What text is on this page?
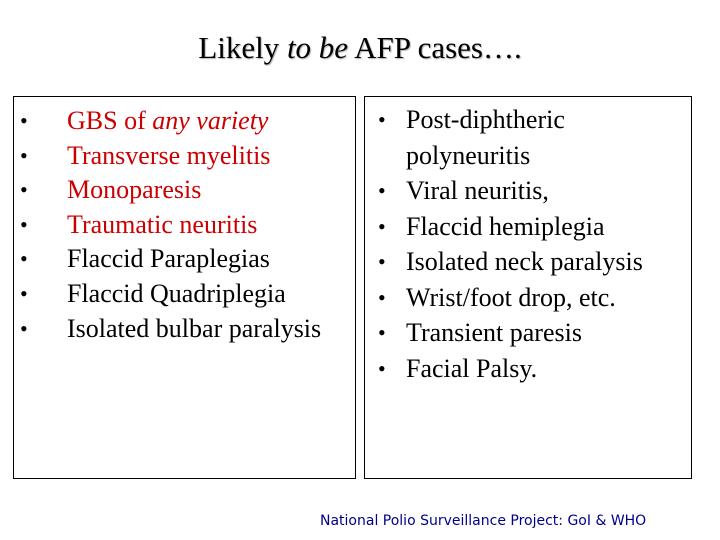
Likely to be AFP cases….
• GBS of any variety
• Transverse myelitis
• Monoparesis
• Traumatic neuritis
• Flaccid Paraplegias
• Flaccid Quadriplegia
• Isolated bulbar paralysis
• Post-diphtheric polyneuritis
• Viral neuritis,
• Flaccid hemiplegia
• Isolated neck paralysis
• Wrist/foot drop, etc.
• Transient paresis
• Facial Palsy.
National Polio Surveillance Project: GoI & WHO
